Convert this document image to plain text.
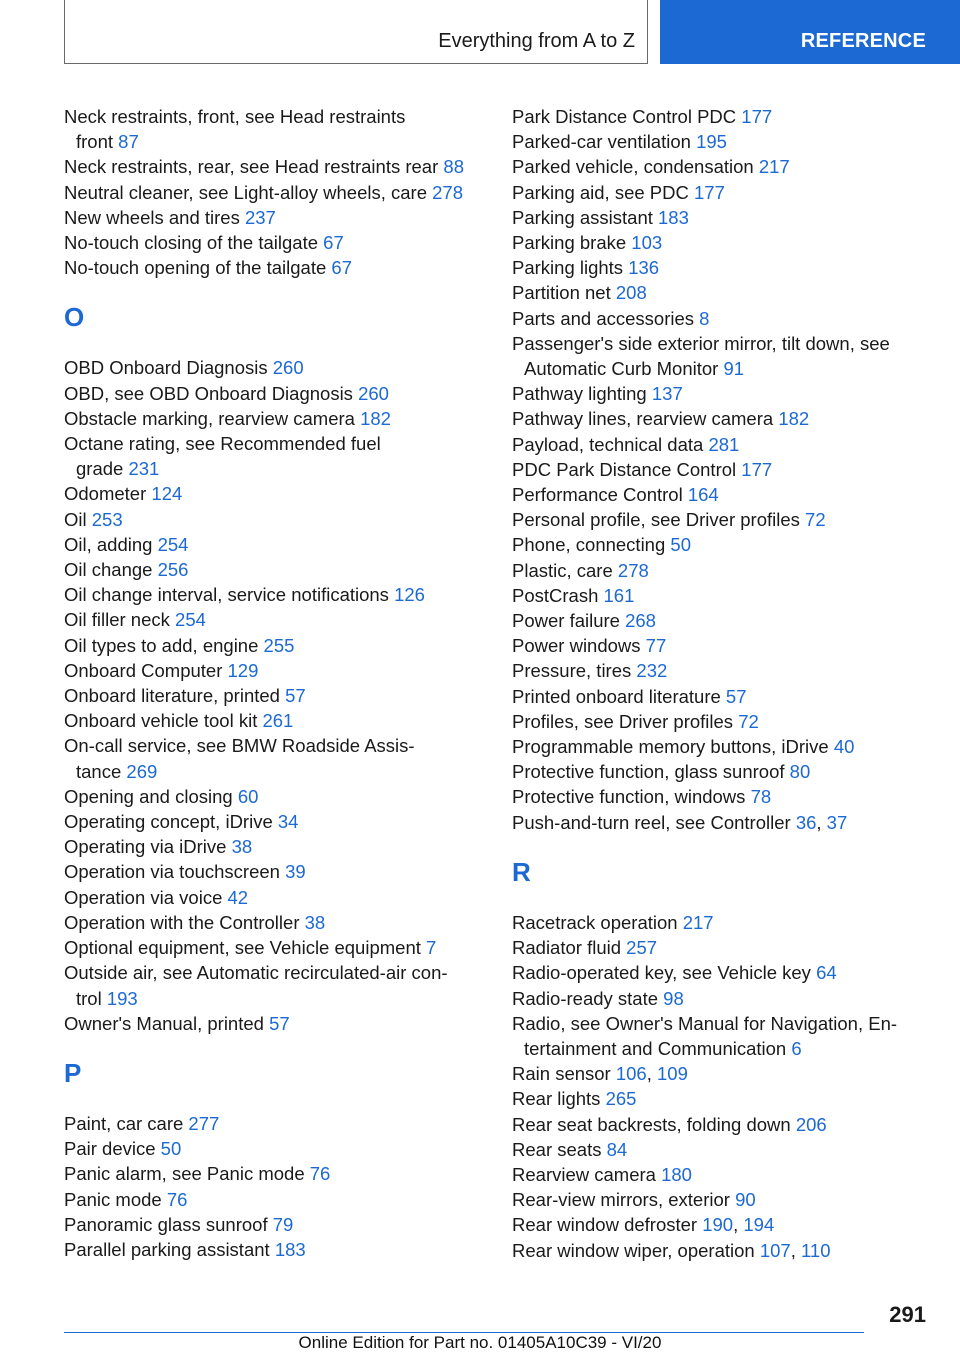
Everything from A to Z	REFERENCE
Neck restraints, front, see Head restraints
front 87
Neck restraints, rear, see Head restraints rear 88
Neutral cleaner, see Light-alloy wheels, care 278
New wheels and tires 237
No-touch closing of the tailgate 67
No-touch opening of the tailgate 67
O
OBD Onboard Diagnosis 260
OBD, see OBD Onboard Diagnosis 260
Obstacle marking, rearview camera 182
Octane rating, see Recommended fuel
grade 231
Odometer 124
Oil 253
Oil, adding 254
Oil change 256
Oil change interval, service notifications 126
Oil filler neck 254
Oil types to add, engine 255
Onboard Computer 129
Onboard literature, printed 57
Onboard vehicle tool kit 261
On-call service, see BMW Roadside Assis-
tance 269
Opening and closing 60
Operating concept, iDrive 34
Operating via iDrive 38
Operation via touchscreen 39
Operation via voice 42
Operation with the Controller 38
Optional equipment, see Vehicle equipment 7
Outside air, see Automatic recirculated-air con-
trol 193
Owner's Manual, printed 57
P
Paint, car care 277
Pair device 50
Panic alarm, see Panic mode 76
Panic mode 76
Panoramic glass sunroof 79
Parallel parking assistant 183
Park Distance Control PDC 177
Parked-car ventilation 195
Parked vehicle, condensation 217
Parking aid, see PDC 177
Parking assistant 183
Parking brake 103
Parking lights 136
Partition net 208
Parts and accessories 8
Passenger's side exterior mirror, tilt down, see
Automatic Curb Monitor 91
Pathway lighting 137
Pathway lines, rearview camera 182
Payload, technical data 281
PDC Park Distance Control 177
Performance Control 164
Personal profile, see Driver profiles 72
Phone, connecting 50
Plastic, care 278
PostCrash 161
Power failure 268
Power windows 77
Pressure, tires 232
Printed onboard literature 57
Profiles, see Driver profiles 72
Programmable memory buttons, iDrive 40
Protective function, glass sunroof 80
Protective function, windows 78
Push-and-turn reel, see Controller 36, 37
R
Racetrack operation 217
Radiator fluid 257
Radio-operated key, see Vehicle key 64
Radio-ready state 98
Radio, see Owner's Manual for Navigation, En-
tertainment and Communication 6
Rain sensor 106, 109
Rear lights 265
Rear seat backrests, folding down 206
Rear seats 84
Rearview camera 180
Rear-view mirrors, exterior 90
Rear window defroster 190, 194
Rear window wiper, operation 107, 110
291
Online Edition for Part no. 01405A10C39 - VI/20
